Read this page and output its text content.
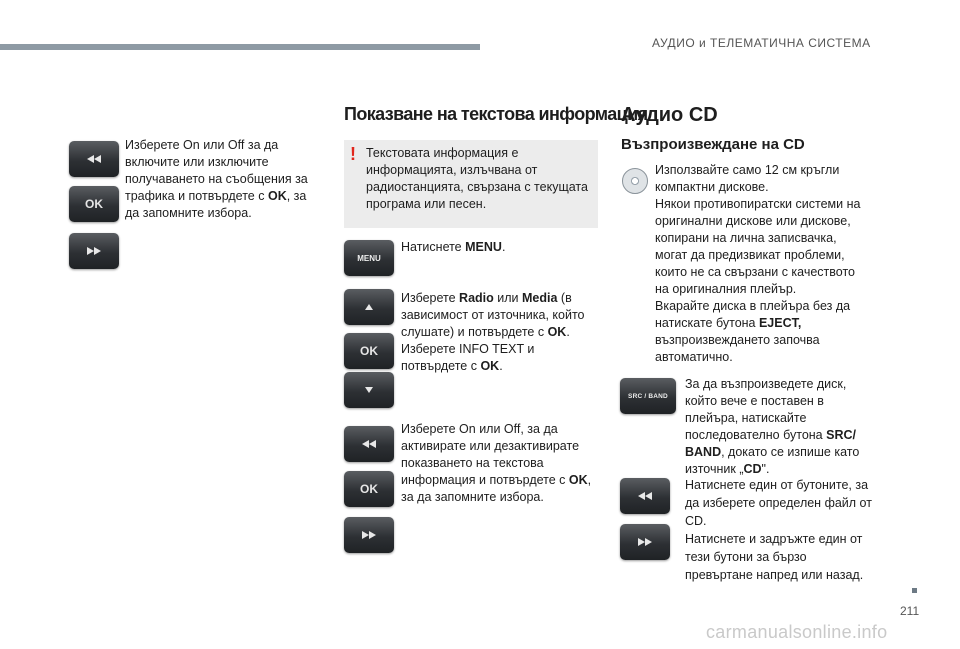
АУДИО и ТЕЛЕМАТИЧНА СИСТЕМА
OK
Изберете On или Off за да включите или изключите получаването на съобщения за трафика и потвърдете с OK, за да запомните избора.
Показване на текстова информация
! Текстовата информация е информацията, излъчвана от радиостанцията, свързана с текущата програма или песен.
MENU
Натиснете MENU.
OK
Изберете Radio или Media (в зависимост от източника, който слушате) и потвърдете с OK.
Изберете INFO TEXT и потвърдете с OK.
OK
Изберете On или Off, за да активирате или дезактивирате показването на текстова информация и потвърдете с OK, за да запомните избора.
Аудио CD
Възпроизвеждане на CD
Използвайте само 12 см кръгли компактни дискове.
Някои противопиратски системи на оригинални дискове или дискове, копирани на лична записвачка, могат да предизвикат проблеми, които не са свързани с качеството на оригиналния плейър.
Вкарайте диска в плейъра без да натискате бутона EJECT, възпроизвеждането започва автоматично.
SRC / BAND
За да възпроизведете диск, който вече е поставен в плейъра, натискайте последователно бутона SRC/ BAND, докато се изпише като източник „CD".
Натиснете един от бутоните, за да изберете определен файл от CD.
Натиснете и задръжте един от тези бутони за бързо превъртане напред или назад.
211
carmanualsonline.info
